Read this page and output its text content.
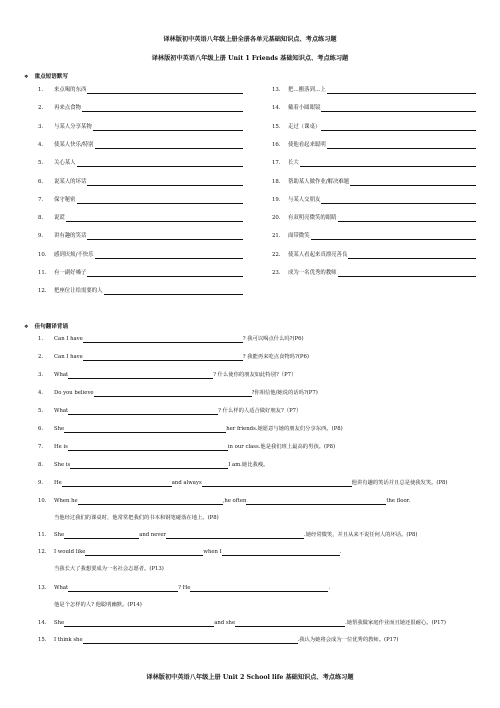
译林版初中英语八年级上册全册各单元基础知识点、考点练习题
译林版初中英语八年级上册 Unit 1 Friends 基础知识点、考点练习题
❖ 重点短语默写
1. 来点喝的东西
2. 再来点食物
3. 与某人分享某物
4. 使某人快乐/特别
5. 关心某人
6. 说某人的坏话
7. 保守秘密
8. 说谎
9. 讲有趣的笑话
10. 感到厌烦/不快乐
11. 有一副好嗓子
12. 把座位让给需要的人
13. 把…搬落到…上
14. 戴着小圆眼镜
15. 走过（课桌）
16. 使他看起来聪明
17. 长大
18. 帮助某人做作业/解决难题
19. 与某人交朋友
20. 有双明亮微笑的眼睛
21. 面带微笑
22. 使某人看起来真漂亮善良
23. 成为一名优秀的教师
❖ 佳句翻译背诵
1. Can I have	? 我可以喝点什么吗?(P6)
2. Can I have	? 我能再来吃点食物吗?(P6)
3. What	? 什么使你的朋友如此特别?（P7）
4. Do you believe	?你相信他/她说的话吗?(P7)
5. What	? 什么样的人适合做好朋友?（P7）
6. She	her friends.她愿意与她的朋友们分享东西。(P8)
7. He is	in our class.他是我们班上最高的男孩。(P8)
8. She is	I am.她比我瘦。
9. He	and always	他讲有趣的笑话并且总是使我发笑。(P8)
10. When he	,he often	the floor.
当他经过我们的课桌时，他常常把我们的书本和钢笔碰落在地上。(P8)
11. She	and never	.她经常微笑，并且从来不说任何人的坏话。(P8)
12. I would like	when I	.
当我长大了我想要成为一名社会志愿者。(P13)
13. What	? He	.
他是个怎样的人? 他聪明幽默。(P14)
14. She	and she	.她帮我做家庭作业而且她还很耐心。(P17)
15. I think she	.我认为她将会成为一位优秀的教师。(P17)
译林版初中英语八年级上册 Unit 2 School life 基础知识点、考点练习题
